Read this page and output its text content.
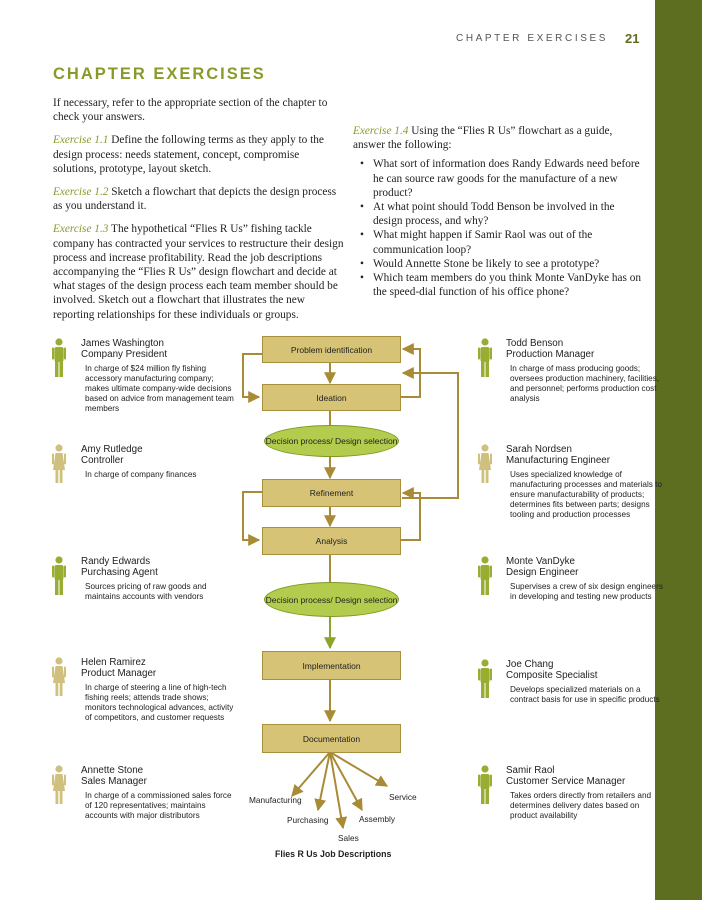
CHAPTER EXERCISES 21
CHAPTER EXERCISES

If necessary, refer to the appropriate section of the chapter to check your answers.

Exercise 1.1 Define the following terms as they apply to the design process: needs statement, concept, compromise solutions, prototype, layout sketch.

Exercise 1.2 Sketch a flowchart that depicts the design process as you understand it.

Exercise 1.3 The hypothetical “Flies R Us” fishing tackle company has contracted your services to restructure their design process and increase profitability. Read the job descriptions accompanying the “Flies R Us” design flowchart and decide at what stages of the design process each team member should be involved. Sketch out a flowchart that illustrates the new reporting relationships for these individuals or groups.

Exercise 1.4 Using the “Flies R Us” flowchart as a guide, answer the following:

• What sort of information does Randy Edwards need before he can source raw goods for the manufacture of a new product?
• At what point should Todd Benson be involved in the design process, and why?
• What might happen if Samir Raol was out of the communication loop?
• Would Annette Stone be likely to see a prototype?
• Which team members do you think Monte VanDyke has on the speed-dial function of his office phone?
James Washington
Company President
In charge of $24 million fly fishing accessory manufacturing company; makes ultimate company-wide decisions based on advice from management team members
Amy Rutledge
Controller
In charge of company finances
Randy Edwards
Purchasing Agent
Sources pricing of raw goods and maintains accounts with vendors
Helen Ramirez
Product Manager
In charge of steering a line of high-tech fishing reels; attends trade shows; monitors technological advances, activity of competitors, and customer requests
Annette Stone
Sales Manager
In charge of a commissioned sales force of 120 representatives; maintains accounts with major distributors
Todd Benson
Production Manager
In charge of mass producing goods; oversees production machinery, facilities, and personnel; performs production cost analysis
Sarah Nordsen
Manufacturing Engineer
Uses specialized knowledge of manufacturing processes and materials to ensure manufacturability of products; determines fits between parts; designs tooling and production processes
Monte VanDyke
Design Engineer
Supervises a crew of six design engineers in developing and testing new products
Joe Chang
Composite Specialist
Develops specialized materials on a contract basis for use in specific products
Samir Raol
Customer Service Manager
Takes orders directly from retailers and determines delivery dates based on product availability
Problem identification
Ideation
Decision process/ Design selection
Refinement
Analysis
Decision process/ Design selection
Implementation
Documentation
Manufacturing
Purchasing
Sales
Assembly
Service
Flies R Us Job Descriptions
